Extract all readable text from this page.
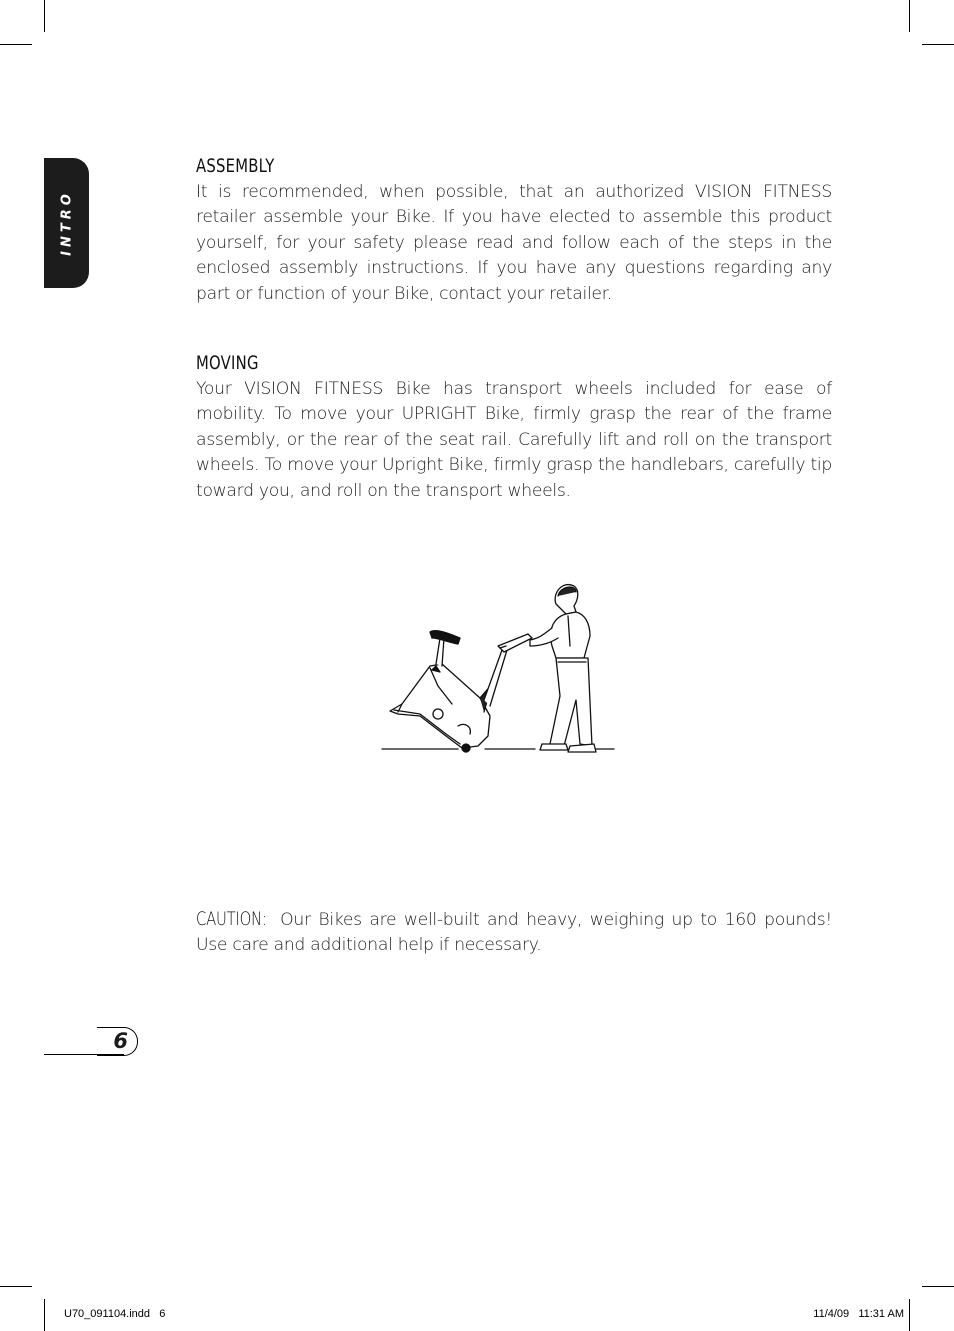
INTRO
ASSEMBLY

It is recommended, when possible, that an authorized VISION FITNESS retailer assemble your Bike. If you have elected to assemble this product yourself, for your safety please read and follow each of the steps in the enclosed assembly instructions. If you have any questions regarding any part or function of your Bike, contact your retailer.

MOVING

Your VISION FITNESS Bike has transport wheels included for ease of mobility. To move your UPRIGHT Bike, firmly grasp the rear of the frame assembly, or the rear of the seat rail. Carefully lift and roll on the transport wheels. To move your Upright Bike, firmly grasp the handlebars, carefully tip toward you, and roll on the transport wheels.

CAUTION: Our Bikes are well-built and heavy, weighing up to 160 pounds! Use care and additional help if necessary.

6
U70_091104.indd   6	11/4/09   11:31 AM
